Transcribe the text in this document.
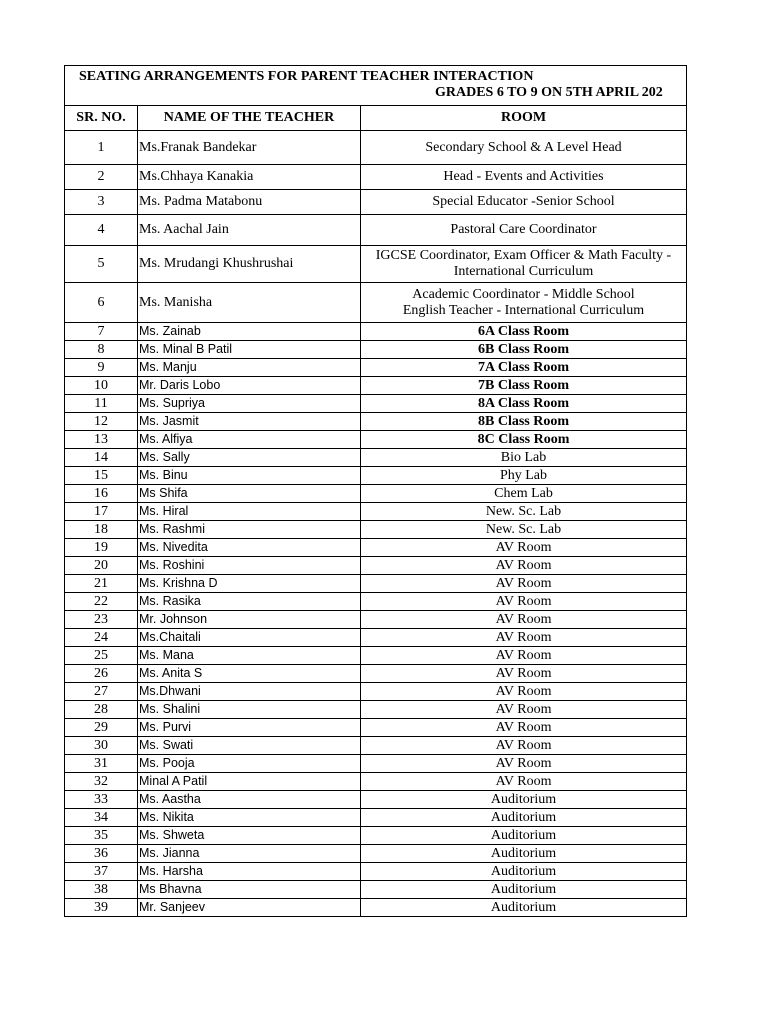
SEATING ARRANGEMENTS FOR PARENT TEACHER INTERACTION
GRADES 6 TO 9 ON 5TH APRIL 202		

SR. NO.	NAME OF THE TEACHER	ROOM
1	Ms.Franak Bandekar	Secondary School & A Level Head
2	Ms.Chhaya Kanakia	Head - Events and Activities
3	Ms. Padma Matabonu	Special Educator -Senior School
4	Ms. Aachal Jain	Pastoral Care Coordinator
5	Ms. Mrudangi Khushrushai	IGCSE Coordinator, Exam Officer & Math Faculty -
International Curriculum

6	Ms. Manisha	Academic Coordinator - Middle School
English Teacher - International Curriculum

7	Ms. Zainab	6A Class Room
8	Ms. Minal B Patil	6B Class Room
9	Ms. Manju	7A Class Room
10	Mr. Daris Lobo	7B Class Room
11	Ms. Supriya	8A Class Room
12	Ms. Jasmit	8B Class Room
13	Ms. Alfiya	8C Class Room
14	Ms. Sally	Bio Lab
15	Ms. Binu	Phy Lab
16	Ms Shifa	Chem Lab
17	Ms. Hiral	New. Sc. Lab
18	Ms. Rashmi	New. Sc. Lab
19	Ms. Nivedita	AV Room
20	Ms. Roshini	AV Room
21	Ms. Krishna D	AV Room
22	Ms. Rasika	AV Room
23	Mr. Johnson	AV Room
24	Ms.Chaitali	AV Room
25	Ms. Mana	AV Room
26	Ms. Anita S	AV Room
27	Ms.Dhwani	AV Room
28	Ms. Shalini	AV Room
29	Ms. Purvi	AV Room
30	Ms. Swati	AV Room
31	Ms. Pooja	AV Room
32	Minal A Patil	AV Room
33	Ms. Aastha	Auditorium
34	Ms. Nikita	Auditorium
35	Ms. Shweta	Auditorium
36	Ms. Jianna	Auditorium
37	Ms. Harsha	Auditorium
38	Ms Bhavna	Auditorium
39	Mr. Sanjeev	Auditorium
